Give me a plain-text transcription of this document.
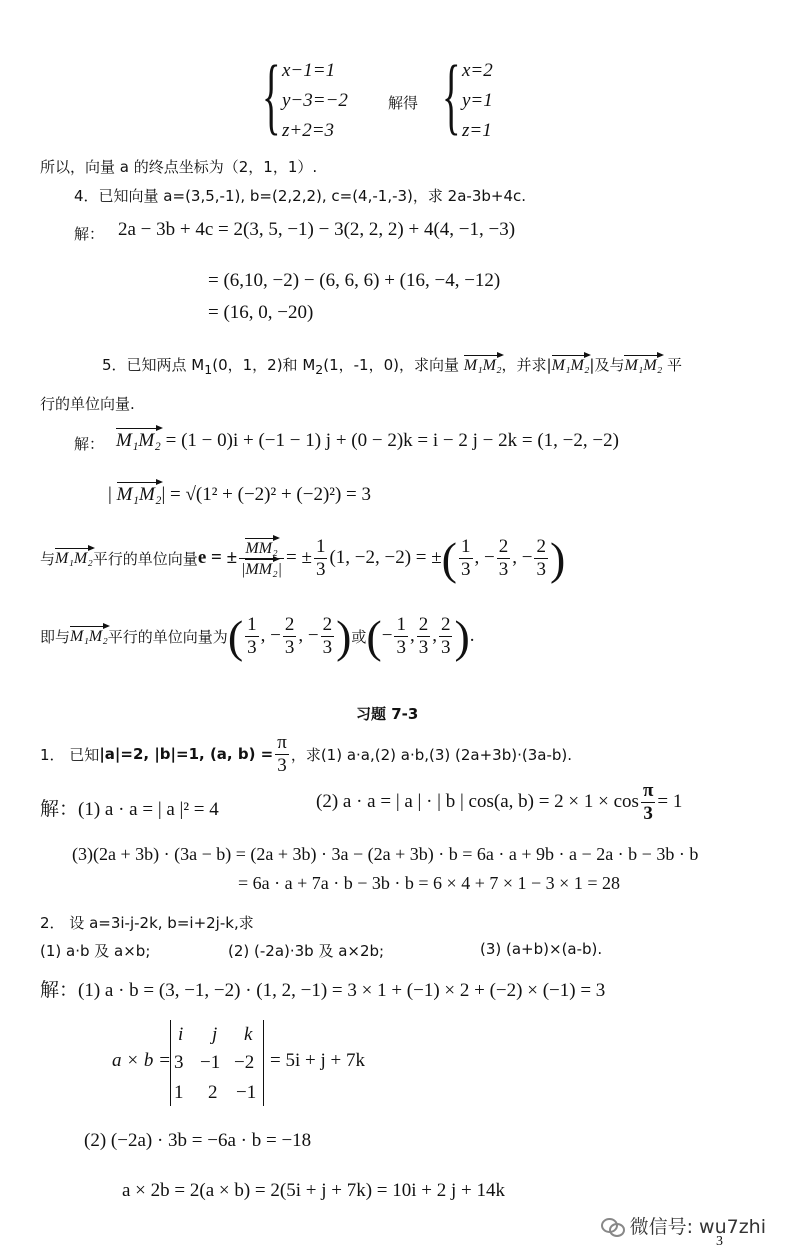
{ x−1=1
y−3=−2
z+2=3
解得 { x=2
y=1
z=1
所以，向量 a 的终点坐标为（2，1，1）.
4．已知向量 a=(3,5,-1), b=(2,2,2), c=(4,-1,-3)，求 2a-3b+4c.
解： 2a − 3b + 4c = 2(3, 5, −1) − 3(2, 2, 2) + 4(4, −1, −3)
= (6,10, −2) − (6, 6, 6) + (16, −4, −12)
= (16, 0, −20)
5．已知两点 $M_1(0$，1，2)和 $M_2(1$，-1，0)，求向量 M₁M₂，并求|M₁M₂|及与M₁M₂ 平
行的单位向量.
解： M₁M₂ = (1 − 0)i + (−1 − 1) j + (0 − 2)k = i − 2 j − 2k = (1, −2, −2)
| M₁M₂| = √(1² + (−2)² + (−2)²) = 3
与 M₁M₂ 平行的单位向量 e = ± $\frac{\text{MM₂}}{\text{|MM₂|}}$ = ± $\frac{1}{3} (1$, −2, −2) = ± ( $\frac{1}{3}$ , − $\frac{2}{3}$ , − $\frac{2}{3}$ )
即与 M₁M₂ 平行的单位向量为 ( $\frac{1}{3}$ , − $\frac{2}{3}$ , − $\frac{2}{3}$ ) 或 ( − $\frac{1}{3}$ , $\frac{2}{3}$ , $\frac{2}{3}$ ) .
习题 7-3
1． 已知 |a|=2, |b|=1, (a, $b) = \frac{\pi}{3}$ ，求(1) a·a,(2) a·b,(3) (2a+3b)·(3a-b).
解：(1) a · a = | a |² = 4	(2) a · a = | a | · | b | cos(a, $b) = 2 \times 1 \times \cos \frac{\pi}{3} = 1$
(3)(2a + 3b) · (3a − b) = (2a + 3b) · 3a − (2a + 3b) · b = 6a · a + 9b · a − 2a · b − 3b · b
= 6a · a + 7a · b − 3b · b = 6 × 4 + 7 × 1 − 3 × 1 = 28
2． 设 a=3i-j-2k, b=i+2j-k,求
(1) a·b 及 a×b;	(2) (-2a)·3b 及 a×2b;	(3) (a+b)×(a-b).
解：(1) a · b = (3, −1, −2) · (1, 2, −1) = 3 × 1 + (−1) × 2 + (−2) × (−1) = 3
a × b =
i j k
3 −1 −2
1 2 −1
= 5i + j + 7k
(2) (−2a) · 3b = −6a · b = −18
a × 2b = 2(a × b) = 2(5i + j + 7k) = 10i + 2 j + 14k
微信号: wu7zhi
3
